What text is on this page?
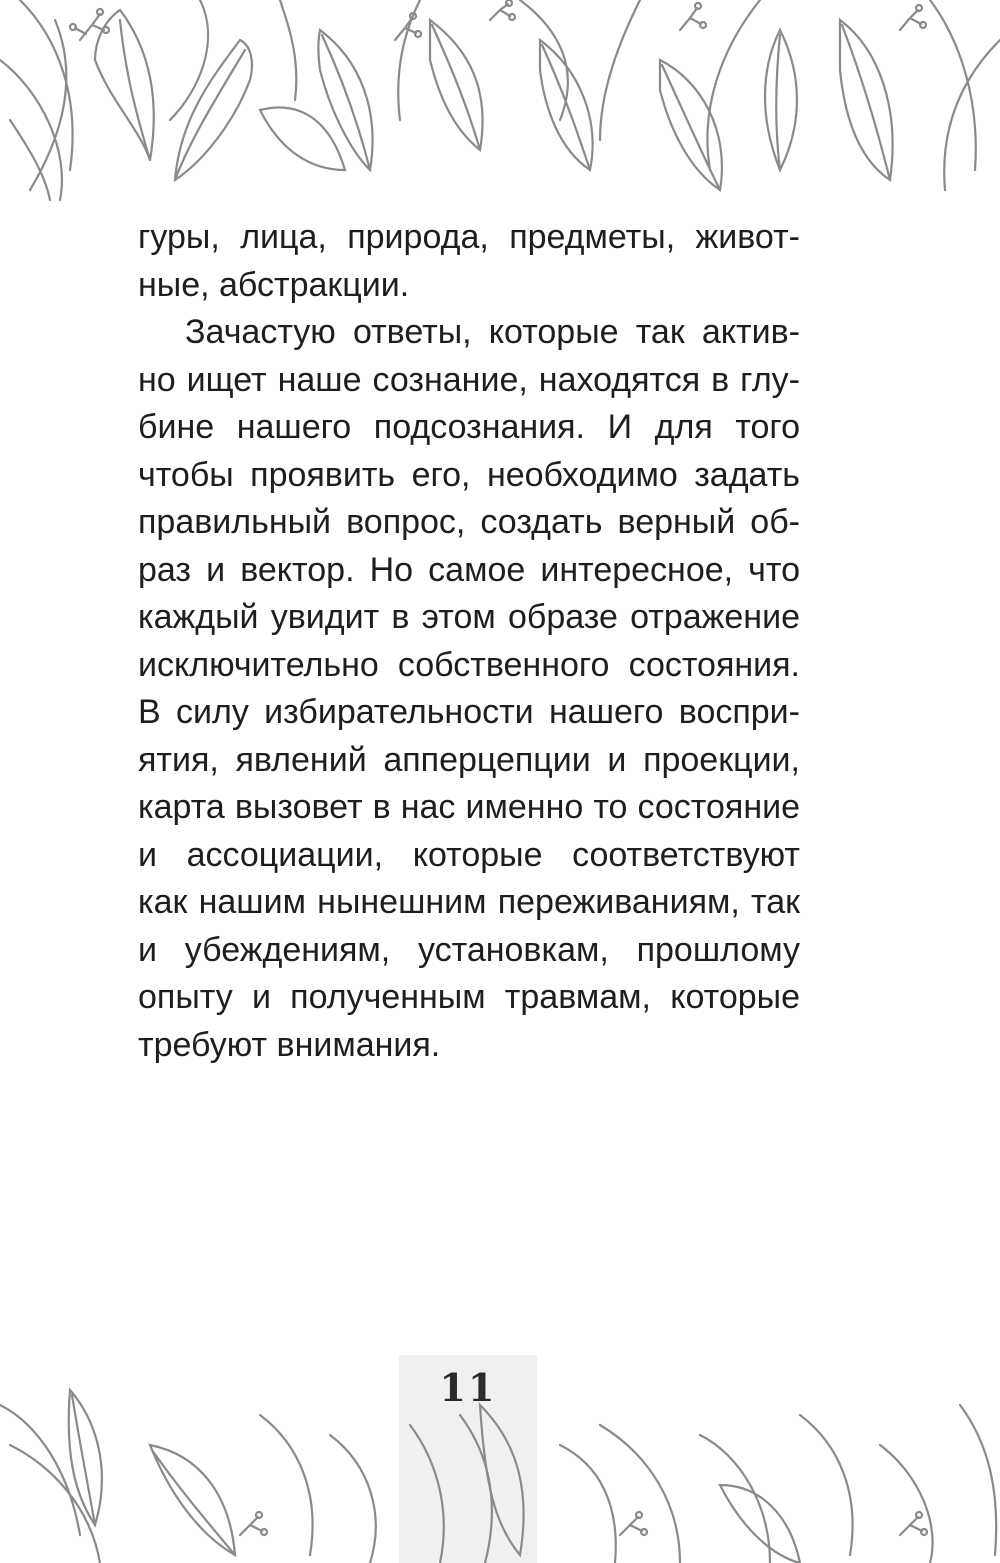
гуры, лица, природа, предметы, живот-
ные, абстракции.
Зачастую ответы, которые так актив-
но ищет наше сознание, находятся в глу-
бине нашего подсознания. И для того
чтобы проявить его, необходимо задать
правильный вопрос, создать верный об-
раз и вектор. Но самое интересное, что
каждый увидит в этом образе отражение
исключительно собственного состояния.
В силу избирательности нашего воспри-
ятия, явлений апперцепции и проекции,
карта вызовет в нас именно то состояние
и ассоциации, которые соответствуют
как нашим нынешним переживаниям, так
и убеждениям, установкам, прошлому
опыту и полученным травмам, которые
требуют внимания.
11
